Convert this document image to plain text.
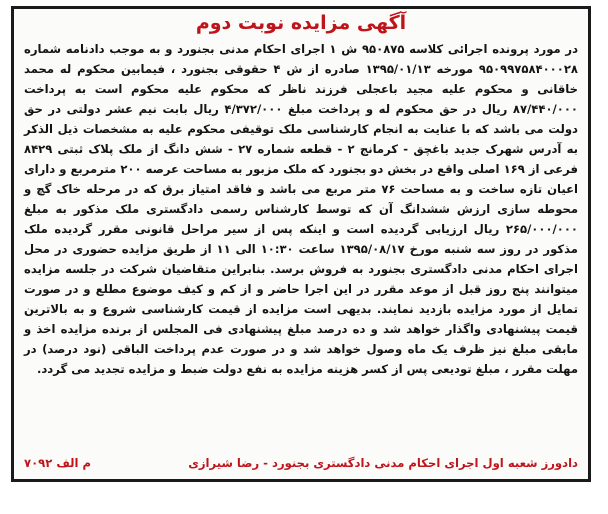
آگهی مزایده نوبت دوم

در مورد پرونده اجرائی کلاسه ۹۵۰۸۷۵ ش ۱ اجرای احکام مدنی بجنورد و به موجب دادنامه شماره ۹۵۰۹۹۷۵۸۴۰۰۰۲۸ مورخه ۱۳۹۵/۰۱/۱۳ صادره از ش ۴ حقوقی بجنورد ، فیمابین محکوم له محمد خاقانی و محکوم علیه مجید باعجلی فرزند ناظر که محکوم علیه محکوم است به پرداخت ۸۷/۴۴۰/۰۰۰ ریال در حق محکوم له و پرداخت مبلغ ۴/۳۷۲/۰۰۰ ریال بابت نیم عشر دولتی در حق دولت می باشد که با عنایت به انجام کارشناسی ملک توقیفی محکوم علیه به مشخصات ذیل الذکر به آدرس شهرک جدید باغچق - کرمانج ۲ - قطعه شماره ۲۷ - شش دانگ از ملک پلاک ثبتی ۸۴۲۹ فرعی از ۱۶۹ اصلی واقع در بخش دو بجنورد که ملک مزبور به مساحت عرصه ۲۰۰ مترمربع و دارای اعیان تازه ساخت و به مساحت ۷۶ متر مربع می باشد و فاقد امتیاز برق که در مرحله خاک گچ و محوطه سازی ارزش ششدانگ آن که توسط کارشناس رسمی دادگستری ملک مذکور به مبلغ ۲۶۵/۰۰۰/۰۰۰ ریال ارزیابی گردیده است و اینکه پس از سیر مراحل قانونی مقرر گردیده ملک مذکور در روز سه شنبه مورخ ۱۳۹۵/۰۸/۱۷ ساعت ۱۰:۳۰ الی ۱۱ از طریق مزایده حضوری در محل اجرای احکام مدنی دادگستری بجنورد به فروش برسد. بنابراین متقاضیان شرکت در جلسه مزایده میتوانند پنج روز قبل از موعد مقرر در این اجرا حاضر و از کم و کیف موضوع مطلع و در صورت تمایل از مورد مزایده بازدید نمایند. بدیهی است مزایده از قیمت کارشناسی شروع و به بالاترین قیمت پیشنهادی واگذار خواهد شد و ده درصد مبلغ پیشنهادی فی المجلس از برنده مزایده اخذ و مابقی مبلغ نیز ظرف یک ماه وصول خواهد شد و در صورت عدم پرداخت الباقی (نود درصد) در مهلت مقرر ، مبلغ تودیعی پس از کسر هزینه مزایده به نفع دولت ضبط و مزایده تجدید می گردد.

دادورز شعبه اول اجرای احکام مدنی دادگستری بجنورد - رضا شیرازی
م الف ۷۰۹۲
